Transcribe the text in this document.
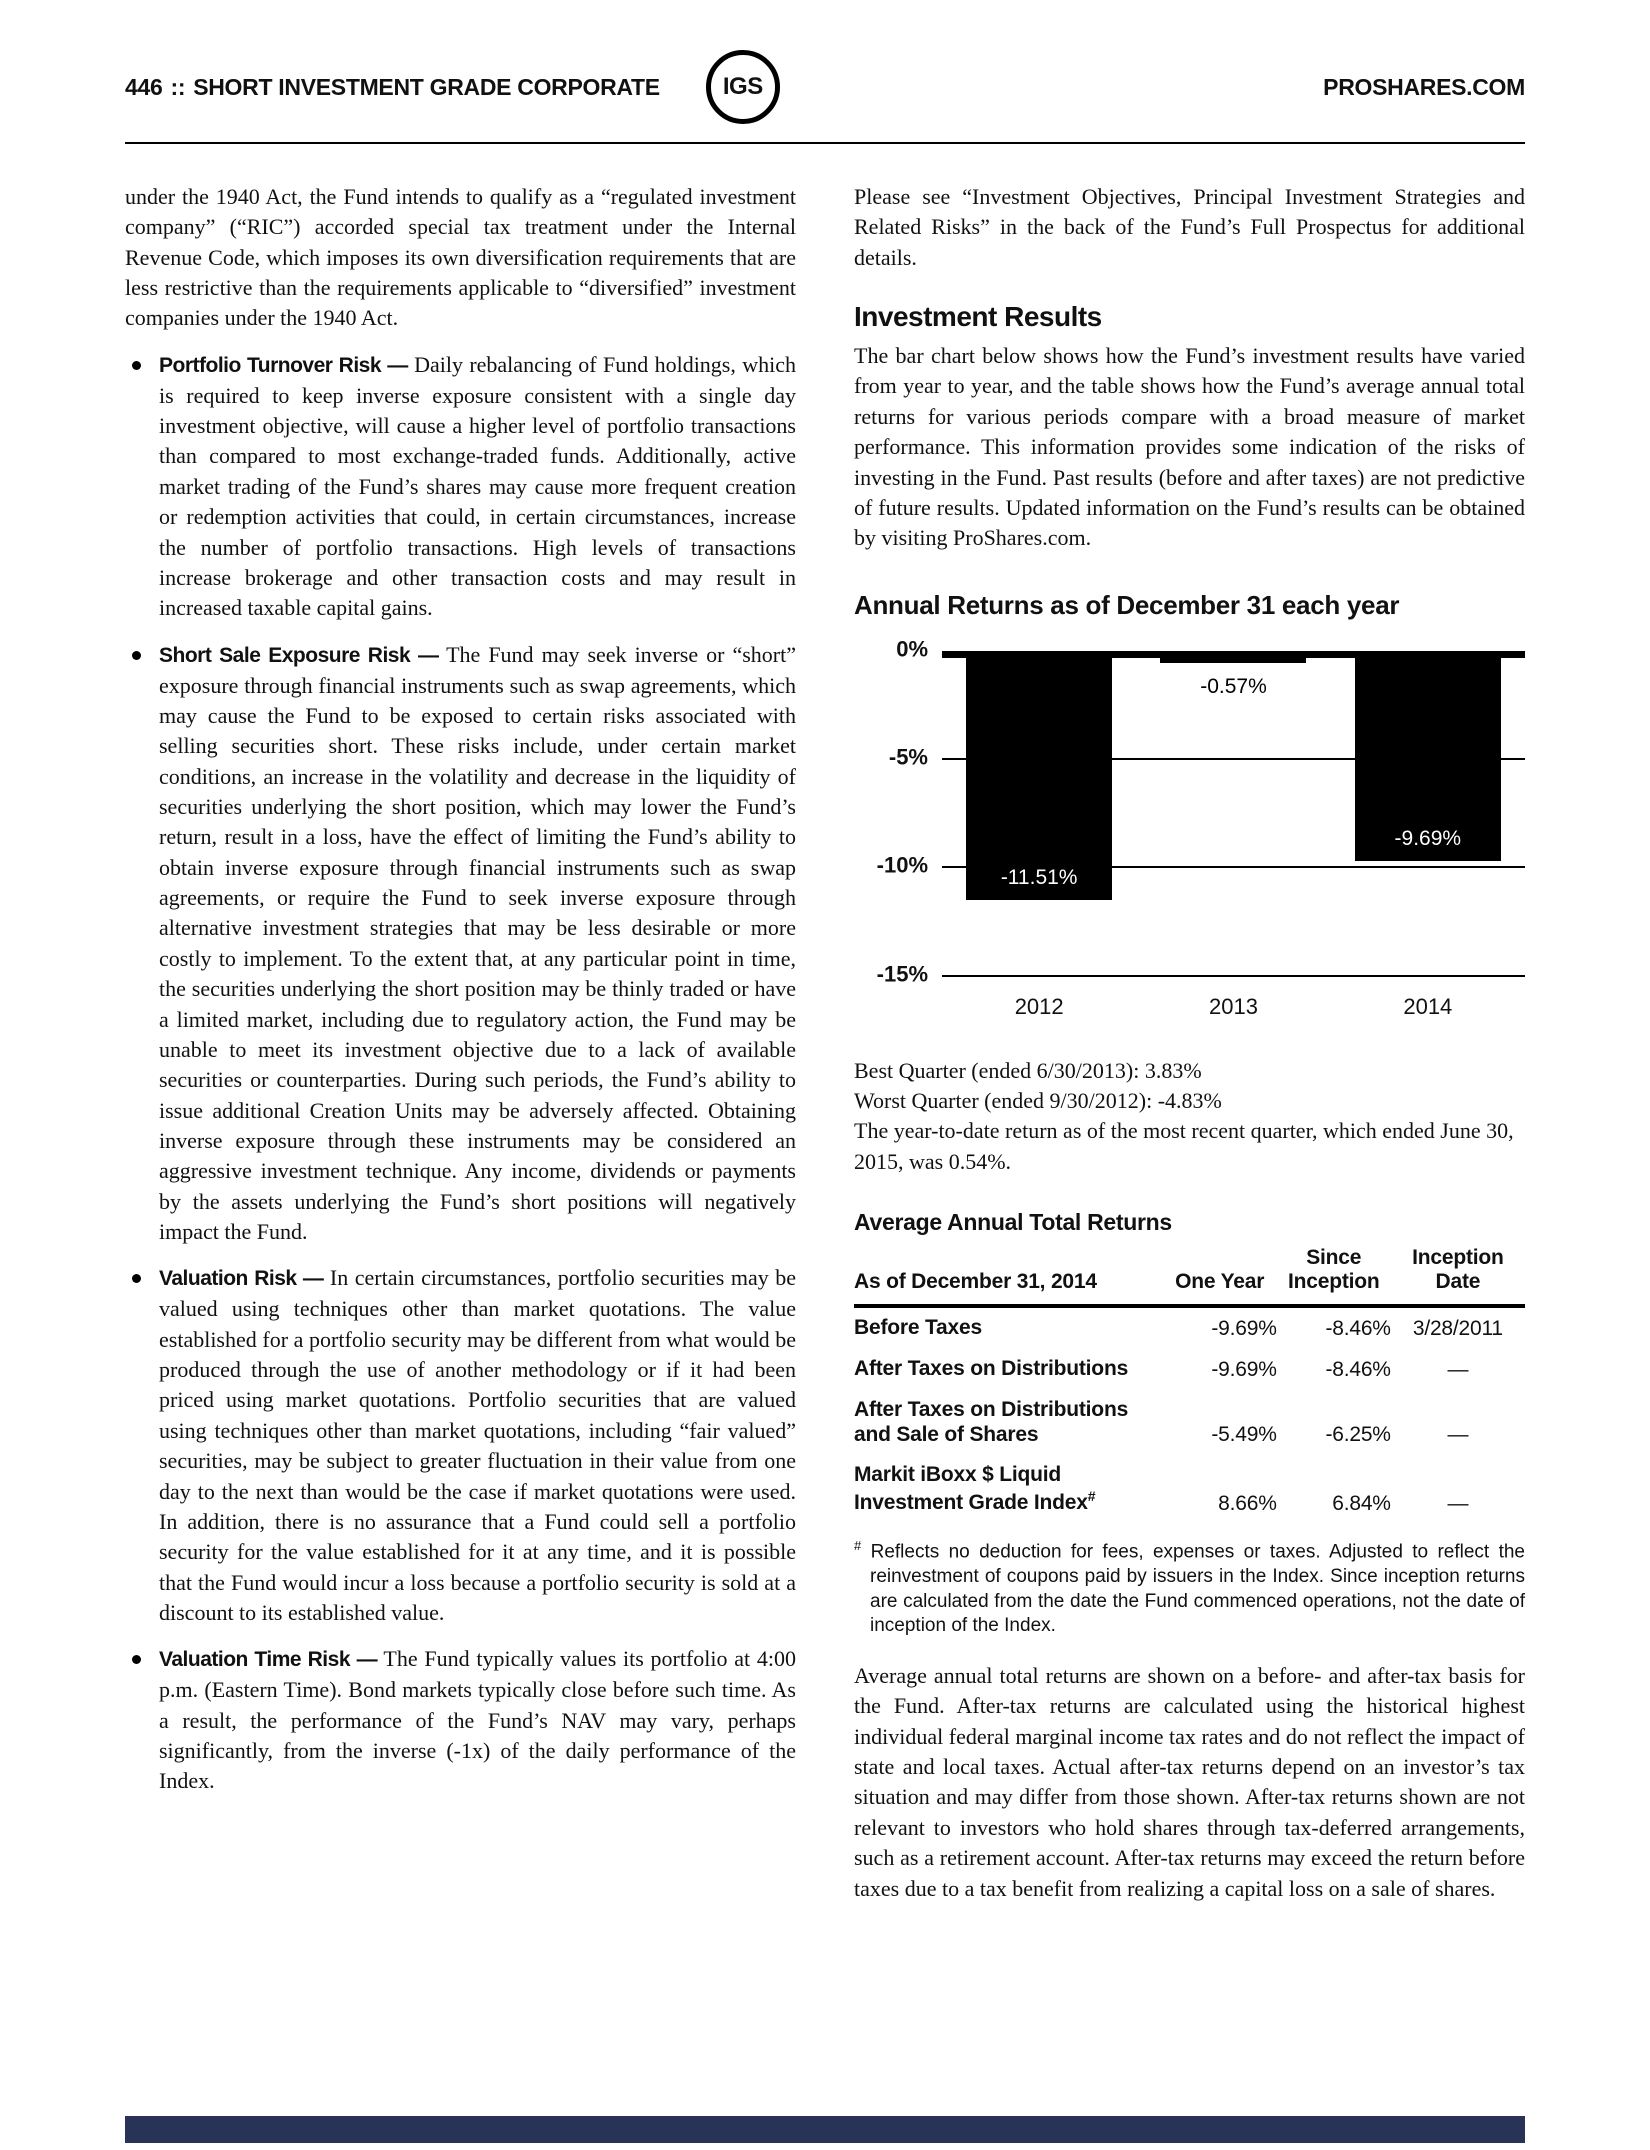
446 :: SHORT INVESTMENT GRADE CORPORATE	IGS	PROSHARES.COM

under the 1940 Act, the Fund intends to qualify as a “regulated investment company” (“RIC”) accorded special tax treatment under the Internal Revenue Code, which imposes its own diversification requirements that are less restrictive than the requirements applicable to “diversified” investment companies under the 1940 Act.

Portfolio Turnover Risk — Daily rebalancing of Fund holdings, which is required to keep inverse exposure consistent with a single day investment objective, will cause a higher level of portfolio transactions than compared to most exchange-traded funds. Additionally, active market trading of the Fund’s shares may cause more frequent creation or redemption activities that could, in certain circumstances, increase the number of portfolio transactions. High levels of transactions increase brokerage and other transaction costs and may result in increased taxable capital gains.

Short Sale Exposure Risk — The Fund may seek inverse or “short” exposure through financial instruments such as swap agreements, which may cause the Fund to be exposed to certain risks associated with selling securities short. These risks include, under certain market conditions, an increase in the volatility and decrease in the liquidity of securities underlying the short position, which may lower the Fund’s return, result in a loss, have the effect of limiting the Fund’s ability to obtain inverse exposure through financial instruments such as swap agreements, or require the Fund to seek inverse exposure through alternative investment strategies that may be less desirable or more costly to implement. To the extent that, at any particular point in time, the securities underlying the short position may be thinly traded or have a limited market, including due to regulatory action, the Fund may be unable to meet its investment objective due to a lack of available securities or counterparties. During such periods, the Fund’s ability to issue additional Creation Units may be adversely affected. Obtaining inverse exposure through these instruments may be considered an aggressive investment technique. Any income, dividends or payments by the assets underlying the Fund’s short positions will negatively impact the Fund.

Valuation Risk — In certain circumstances, portfolio securities may be valued using techniques other than market quotations. The value established for a portfolio security may be different from what would be produced through the use of another methodology or if it had been priced using market quotations. Portfolio securities that are valued using techniques other than market quotations, including “fair valued” securities, may be subject to greater fluctuation in their value from one day to the next than would be the case if market quotations were used. In addition, there is no assurance that a Fund could sell a portfolio security for the value established for it at any time, and it is possible that the Fund would incur a loss because a portfolio security is sold at a discount to its established value.

Valuation Time Risk — The Fund typically values its portfolio at 4:00 p.m. (Eastern Time). Bond markets typically close before such time. As a result, the performance of the Fund’s NAV may vary, perhaps significantly, from the inverse (-1x) of the daily performance of the Index.

Please see “Investment Objectives, Principal Investment Strategies and Related Risks” in the back of the Fund’s Full Prospectus for additional details.

Investment Results

The bar chart below shows how the Fund’s investment results have varied from year to year, and the table shows how the Fund’s average annual total returns for various periods compare with a broad measure of market performance. This information provides some indication of the risks of investing in the Fund. Past results (before and after taxes) are not predictive of future results. Updated information on the Fund’s results can be obtained by visiting ProShares.com.

Annual Returns as of December 31 each year
0%
-5%
-10%
-15%
-11.51%
-0.57%
-9.69%
2012	2013	2014

Best Quarter (ended 6/30/2013): 3.83%
Worst Quarter (ended 9/30/2012): -4.83%
The year-to-date return as of the most recent quarter, which ended June 30, 2015, was 0.54%.

Average Annual Total Returns
As of December 31, 2014	One Year	Since Inception	Inception Date
Before Taxes	-9.69%	-8.46%	3/28/2011
After Taxes on Distributions	-9.69%	-8.46%	—
After Taxes on Distributions and Sale of Shares	-5.49%	-6.25%	—
Markit iBoxx $ Liquid Investment Grade Index#	8.66%	6.84%	—

# Reflects no deduction for fees, expenses or taxes. Adjusted to reflect the reinvestment of coupons paid by issuers in the Index. Since inception returns are calculated from the date the Fund commenced operations, not the date of inception of the Index.

Average annual total returns are shown on a before- and after-tax basis for the Fund. After-tax returns are calculated using the historical highest individual federal marginal income tax rates and do not reflect the impact of state and local taxes. Actual after-tax returns depend on an investor’s tax situation and may differ from those shown. After-tax returns shown are not relevant to investors who hold shares through tax-deferred arrangements, such as a retirement account. After-tax returns may exceed the return before taxes due to a tax benefit from realizing a capital loss on a sale of shares.
